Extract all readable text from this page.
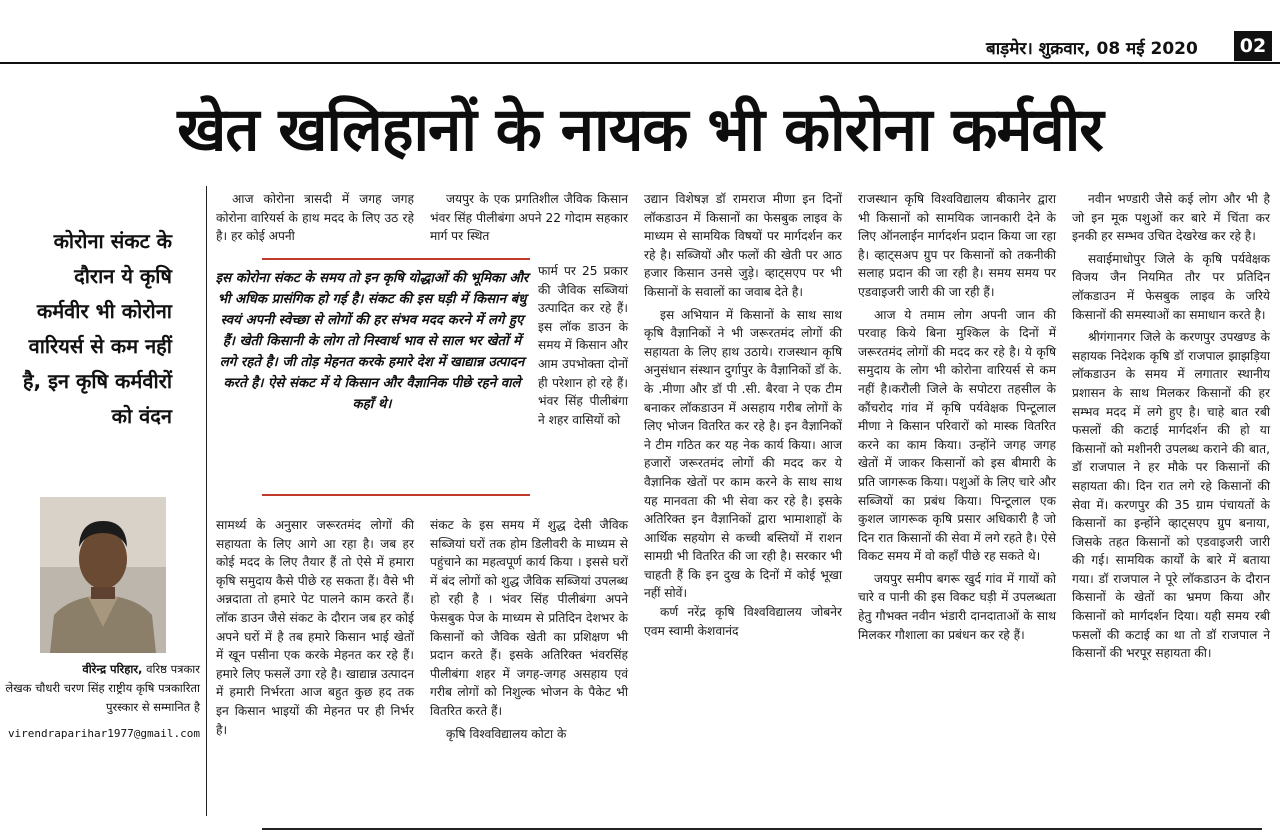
बाड़मेर। शुक्रवार, 08 मई 2020	02
खेत खलिहानों के नायक भी कोरोना कर्मवीर
कोरोना संकट के दौरान ये कृषि कर्मवीर भी कोरोना वारियर्स से कम नहीं है, इन कृषि कर्मवीरों को वंदन
वीरेन्द्र परिहार, वरिष्ठ पत्रकार
लेखक चौधरी चरण सिंह राष्ट्रीय कृषि पत्रकारिता पुरस्कार से सम्मानित है
virendraparihar1977@gmail.com

आज कोरोना त्रासदी में जगह जगह कोरोना वारियर्स के हाथ मदद के लिए उठ रहे है। हर कोई अपनी

जयपुर के एक प्रगतिशील जैविक किसान भंवर सिंह पीलीबंगा अपने 22 गोदाम सहकार मार्ग पर स्थित

फार्म पर 25 प्रकार की जैविक सब्जियां उत्पादित कर रहे हैं। इस लॉक डाउन के समय में किसान और आम उपभोक्ता दोनों ही परेशान हो रहे हैं। भंवर सिंह पीलीबंगा ने शहर वासियों को

इस कोरोना संकट के समय तो इन कृषि योद्धाओं की भूमिका और भी अधिक प्रासंगिक हो गई है। संकट की इस घड़ी में किसान बंधु स्वयं अपनी स्वेच्छा से लोगों की हर संभव मदद करने में लगे हुए हैं। खेती किसानी के लोग तो निस्वार्थ भाव से साल भर खेतों में लगे रहते है। जी तोड़ मेहनत करके हमारे देश में खाद्यान्न उत्पादन करते है। ऐसे संकट में ये किसान और वैज्ञानिक पीछे रहने वाले कहाँ थे।

सामर्थ्य के अनुसार जरूरतमंद लोगों की सहायता के लिए आगे आ रहा है। जब हर कोई मदद के लिए तैयार हैं तो ऐसे में हमारा कृषि समुदाय कैसे पीछे रह सकता हैं। वैसे भी अन्नदाता तो हमारे पेट पालने काम करते हैं। लॉक डाउन जैसे संकट के दौरान जब हर कोई अपने घरों में है तब हमारे किसान भाई खेतों में खून पसीना एक करके मेहनत कर रहे हैं। हमारे लिए फसलें उगा रहे है। खाद्यान्न उत्पादन में हमारी निर्भरता आज बहुत कुछ हद तक इन किसान भाइयों की मेहनत पर ही निर्भर है।

संकट के इस समय में शुद्ध देसी जैविक सब्जियां घरों तक होम डिलीवरी के माध्यम से पहुंचाने का महत्वपूर्ण कार्य किया । इससे घरों में बंद लोगों को शुद्ध जैविक सब्जियां उपलब्ध हो रही है । भंवर सिंह पीलीबंगा अपने फेसबुक पेज के माध्यम से प्रतिदिन देशभर के किसानों को जैविक खेती का प्रशिक्षण भी प्रदान करते हैं। इसके अतिरिक्त भंवरसिंह पीलीबंगा शहर में जगह-जगह असहाय एवं गरीब लोगों को निशुल्क भोजन के पैकेट भी वितरित करते हैं।

कृषि विश्वविद्यालय कोटा के

उद्यान विशेषज्ञ डॉ रामराज मीणा इन दिनों लॉकडाउन में किसानों का फेसबुक लाइव के माध्यम से सामयिक विषयों पर मार्गदर्शन कर रहे है। सब्जियों और फलों की खेती पर आठ हजार किसान उनसे जुड़े। व्हाट्सएप पर भी किसानों के सवालों का जवाब देते है।

इस अभियान में किसानों के साथ साथ कृषि वैज्ञानिकों ने भी जरूरतमंद लोगों की सहायता के लिए हाथ उठाये। राजस्थान कृषि अनुसंधान संस्थान दुर्गापुर के वैज्ञानिकों डॉ के. के .मीणा और डॉ पी .सी. बैरवा ने एक टीम बनाकर लॉकडाउन में असहाय गरीब लोगों के लिए भोजन वितरित कर रहे है। इन वैज्ञानिकों ने टीम गठित कर यह नेक कार्य किया। आज हजारों जरूरतमंद लोगों की मदद कर ये वैज्ञानिक खेतों पर काम करने के साथ साथ यह मानवता की भी सेवा कर रहे है। इसके अतिरिक्त इन वैज्ञानिकों द्वारा भामाशाहों के आर्थिक सहयोग से कच्ची बस्तियों में राशन सामग्री भी वितरित की जा रही है। सरकार भी चाहती हैं कि इन दुख के दिनों में कोई भूखा नहीं सोवें।

कर्ण नरेंद्र कृषि विश्वविद्यालय जोबनेर एवम स्वामी केशवानंद

राजस्थान कृषि विश्वविद्यालय बीकानेर द्वारा भी किसानों को सामयिक जानकारी देने के लिए ऑनलाईन मार्गदर्शन प्रदान किया जा रहा है। व्हाट्सअप ग्रुप पर किसानों को तकनीकी सलाह प्रदान की जा रही है। समय समय पर एडवाइजरी जारी की जा रही हैं।

आज ये तमाम लोग अपनी जान की परवाह किये बिना मुश्किल के दिनों में जरूरतमंद लोगों की मदद कर रहे है। ये कृषि समुदाय के लोग भी कोरोना वारियर्स से कम नहीं है।करौली जिले के सपोटरा तहसील के कौंचरोद गांव में कृषि पर्यवेक्षक पिन्टूलाल मीणा ने किसान परिवारों को मास्क वितरित करने का काम किया। उन्होंने जगह जगह खेतों में जाकर किसानों को इस बीमारी के प्रति जागरूक किया। पशुओं के लिए चारे और सब्जियों का प्रबंध किया। पिन्टूलाल एक कुशल जागरूक कृषि प्रसार अधिकारी है जो दिन रात किसानों की सेवा में लगे रहते है। ऐसे विकट समय में वो कहाँ पीछे रह सकते थे।

जयपुर समीप बगरू खुर्द गांव में गायों को चारे व पानी की इस विकट घड़ी में उपलब्धता हेतु गौभक्त नवीन भंडारी दानदाताओं के साथ मिलकर गौशाला का प्रबंधन कर रहे हैं।

नवीन भण्डारी जैसे कई लोग और भी है जो इन मूक पशुओं कर बारे में चिंता कर इनकी हर सम्भव उचित देखरेख कर रहे है।

सवाईमाधोपुर जिले के कृषि पर्यवेक्षक विजय जैन नियमित तौर पर प्रतिदिन लॉकडाउन में फेसबुक लाइव के जरिये किसानों की समस्याओं का समाधान करते है।

श्रीगंगानगर जिले के करणपुर उपखण्ड के सहायक निदेशक कृषि डॉ राजपाल झाझड़िया लॉकडाउन के समय में लगातार स्थानीय प्रशासन के साथ मिलकर किसानों की हर सम्भव मदद में लगे हुए है। चाहे बात रबी फसलों की कटाई मार्गदर्शन की हो या किसानों को मशीनरी उपलब्ध कराने की बात, डॉ राजपाल ने हर मौके पर किसानों की सहायता की। दिन रात लगे रहे किसानों की सेवा में। करणपुर की 35 ग्राम पंचायतों के किसानों का इन्होंने व्हाट्सएप ग्रुप बनाया, जिसके तहत किसानों को एडवाइजरी जारी की गई। सामयिक कार्यों के बारे में बताया गया। डॉ राजपाल ने पूरे लॉकडाउन के दौरान किसानों के खेतों का भ्रमण किया और किसानों को मार्गदर्शन दिया। यही समय रबी फसलों की कटाई का था तो डॉ राजपाल ने किसानों की भरपूर सहायता की।
